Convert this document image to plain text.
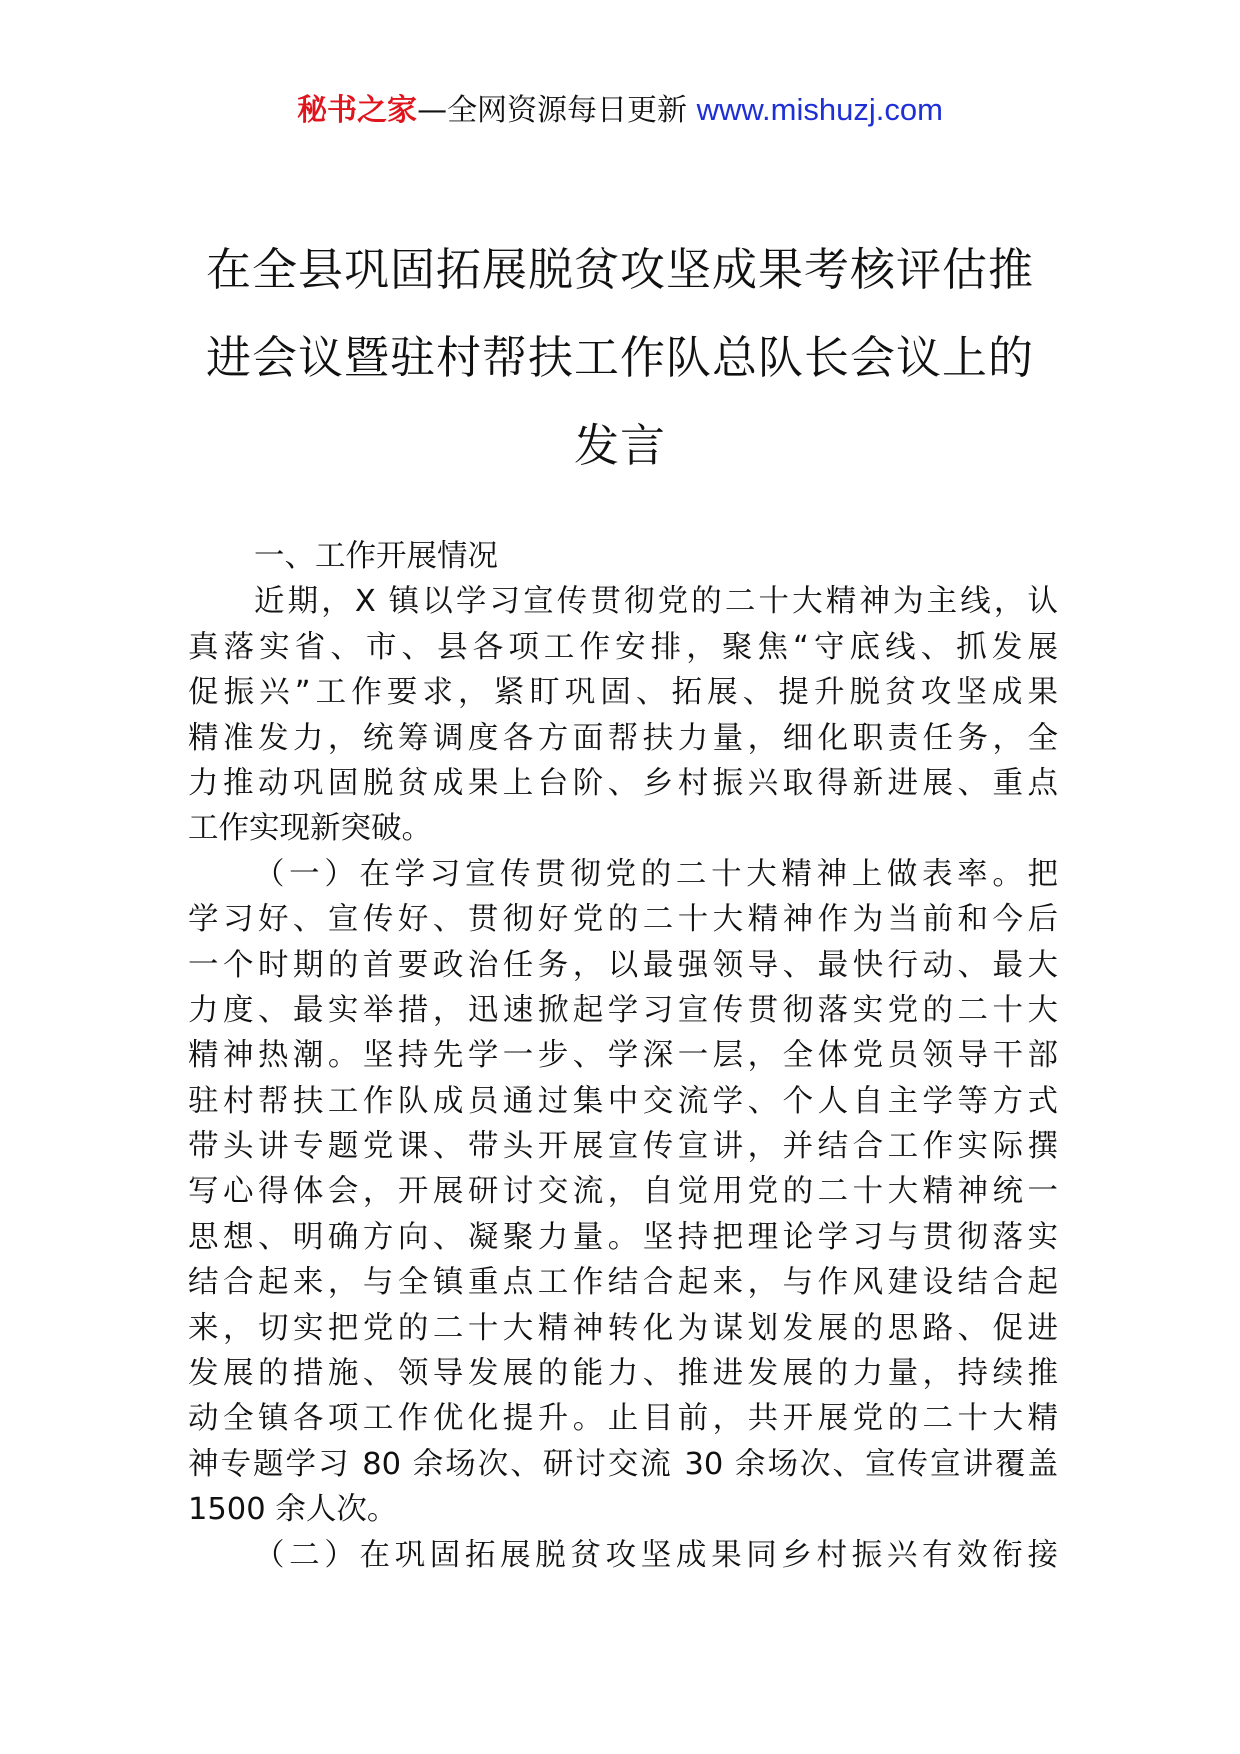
秘书之家—全网资源每日更新 www.mishuzj.com
在全县巩固拓展脱贫攻坚成果考核评估推
进会议暨驻村帮扶工作队总队长会议上的
发言
一、工作开展情况
近期，X 镇以学习宣传贯彻党的二十大精神为主线，认
真落实省、市、县各项工作安排，聚焦“守底线、抓发展
促振兴”工作要求，紧盯巩固、拓展、提升脱贫攻坚成果
精准发力，统筹调度各方面帮扶力量，细化职责任务，全
力推动巩固脱贫成果上台阶、乡村振兴取得新进展、重点
工作实现新突破。
（一）在学习宣传贯彻党的二十大精神上做表率。把
学习好、宣传好、贯彻好党的二十大精神作为当前和今后
一个时期的首要政治任务，以最强领导、最快行动、最大
力度、最实举措，迅速掀起学习宣传贯彻落实党的二十大
精神热潮。坚持先学一步、学深一层，全体党员领导干部
驻村帮扶工作队成员通过集中交流学、个人自主学等方式
带头讲专题党课、带头开展宣传宣讲，并结合工作实际撰
写心得体会，开展研讨交流，自觉用党的二十大精神统一
思想、明确方向、凝聚力量。坚持把理论学习与贯彻落实
结合起来，与全镇重点工作结合起来，与作风建设结合起
来，切实把党的二十大精神转化为谋划发展的思路、促进
发展的措施、领导发展的能力、推进发展的力量，持续推
动全镇各项工作优化提升。止目前，共开展党的二十大精
神专题学习 80 余场次、研讨交流 30 余场次、宣传宣讲覆盖
1500 余人次。
（二）在巩固拓展脱贫攻坚成果同乡村振兴有效衔接
